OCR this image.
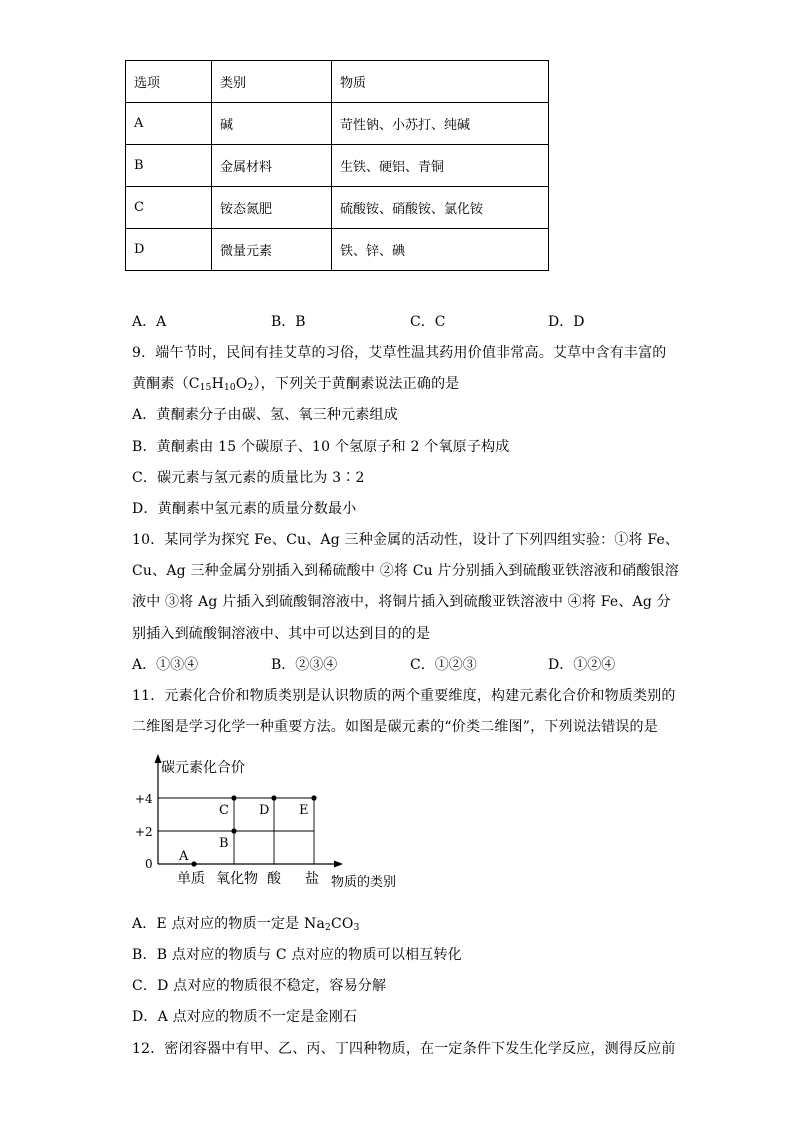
选项	类别	物质
A	碱	苛性钠、小苏打、纯碱
B	金属材料	生铁、硬铝、青铜
C	铵态氮肥	硫酸铵、硝酸铵、氯化铵
D	微量元素	铁、锌、碘
A．A	B．B	C．C	D．D
9．端午节时，民间有挂艾草的习俗，艾草性温其药用价值非常高。艾草中含有丰富的
黄酮素$(C_{15}H_{10}O_2)$，下列关于黄酮素说法正确的是
A．黄酮素分子由碳、氢、氧三种元素组成
B．黄酮素由 15 个碳原子、10 个氢原子和 2 个氧原子构成
C．碳元素与氢元素的质量比为 3∶2
D．黄酮素中氢元素的质量分数最小
10．某同学为探究 Fe、Cu、Ag 三种金属的活动性，设计了下列四组实验：①将 Fe、
Cu、Ag 三种金属分别插入到稀硫酸中 ②将 Cu 片分别插入到硫酸亚铁溶液和硝酸银溶
液中 ③将 Ag 片插入到硫酸铜溶液中，将铜片插入到硫酸亚铁溶液中 ④将 Fe、Ag 分
别插入到硫酸铜溶液中、其中可以达到目的的是
A．①③④	B．②③④	C．①②③	D．①②④
11．元素化合价和物质类别是认识物质的两个重要维度，构建元素化合价和物质类别的
二维图是学习化学一种重要方法。如图是碳元素的“价类二维图”，下列说法错误的是
碳元素化合价
物质的类别
+4
+2
0
单质 氧化物 酸 盐
A
B
C D E
A．E 点对应的物质一定是 $Na_2CO_3$
B．B 点对应的物质与 C 点对应的物质可以相互转化
C．D 点对应的物质很不稳定，容易分解
D．A 点对应的物质不一定是金刚石
12．密闭容器中有甲、乙、丙、丁四种物质，在一定条件下发生化学反应，测得反应前
